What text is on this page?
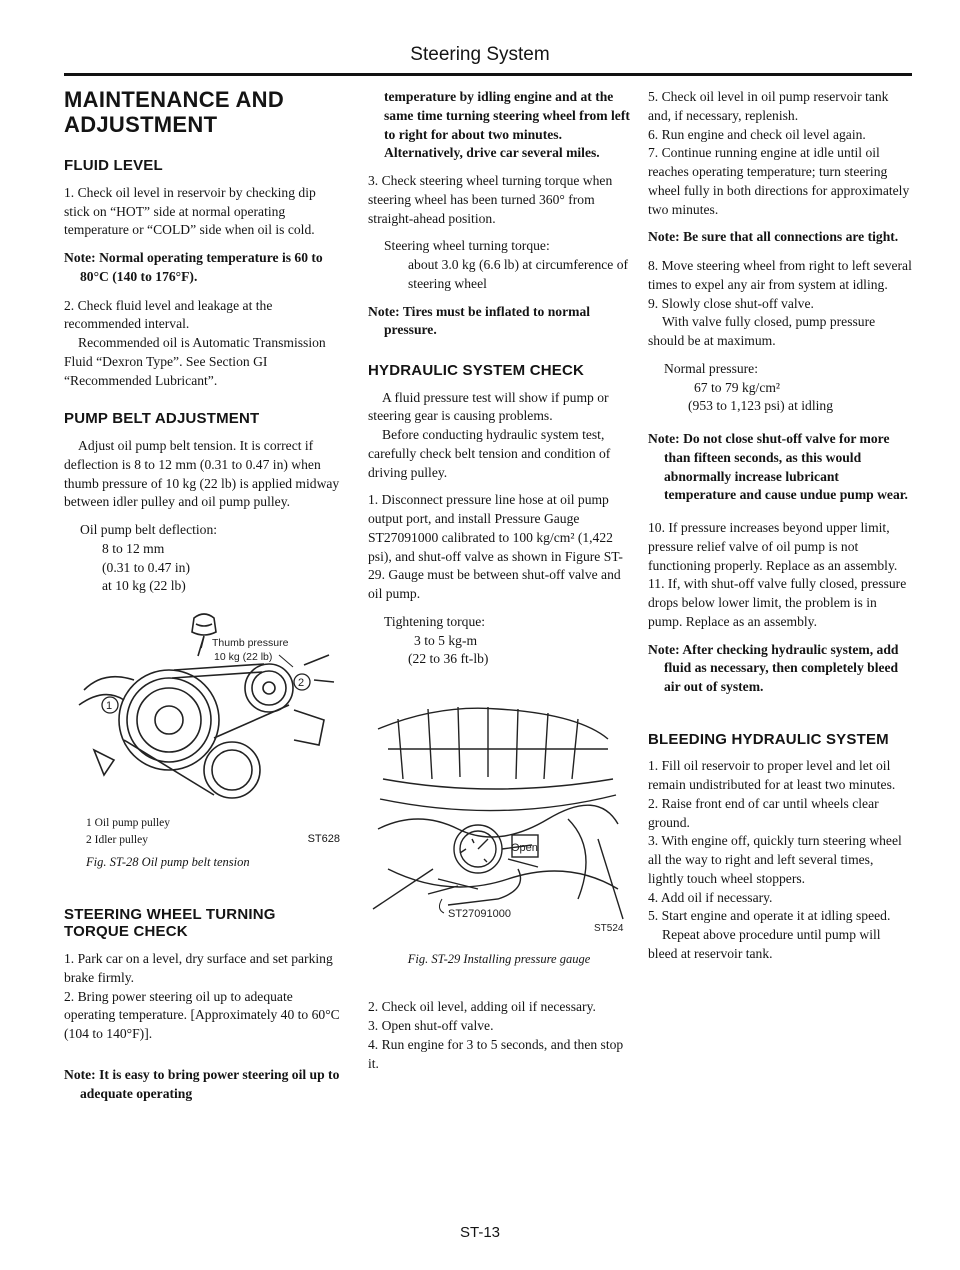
Steering System
MAINTENANCE AND ADJUSTMENT
FLUID LEVEL

1. Check oil level in reservoir by checking dip stick on “HOT” side at normal operating temperature or “COLD” side when oil is cold.

Note: Normal operating temperature is 60 to 80°C (140 to 176°F).

2. Check fluid level and leakage at the recommended interval.

Recommended oil is Automatic Transmission Fluid “Dexron Type”. See Section GI “Recommended Lubricant”.

PUMP BELT ADJUSTMENT

Adjust oil pump belt tension. It is correct if deflection is 8 to 12 mm (0.31 to 0.47 in) when thumb pressure of 10 kg (22 lb) is applied midway between idler pulley and oil pump pulley.

Oil pump belt deflection:
8 to 12 mm
(0.31 to 0.47 in)
at 10 kg (22 lb)
Thumb pressure
10 kg (22 lb)
1
2
1 Oil pump pulley
2 Idler pulley	ST628
Fig. ST-28 Oil pump belt tension
STEERING WHEEL TURNING TORQUE CHECK

1. Park car on a level, dry surface and set parking brake firmly.

2. Bring power steering oil up to adequate operating temperature. [Approximately 40 to 60°C (104 to 140°F)].

Note: It is easy to bring power steering oil up to adequate operating

temperature by idling engine and at the same time turning steering wheel from left to right for about two minutes. Alternatively, drive car several miles.

3. Check steering wheel turning torque when steering wheel has been turned 360° from straight-ahead position.

Steering wheel turning torque:
about 3.0 kg (6.6 lb) at circumference of steering wheel

Note: Tires must be inflated to normal pressure.

HYDRAULIC SYSTEM CHECK

A fluid pressure test will show if pump or steering gear is causing problems.

Before conducting hydraulic system test, carefully check belt tension and condition of driving pulley.

1. Disconnect pressure line hose at oil pump output port, and install Pressure Gauge ST27091000 calibrated to 100 kg/cm² (1,422 psi), and shut-off valve as shown in Figure ST-29. Gauge must be between shut-off valve and oil pump.

Tightening torque:
3 to 5 kg-m
(22 to 36 ft-lb)
Open
ST27091000
ST524
Fig. ST-29 Installing pressure gauge

2. Check oil level, adding oil if necessary.

3. Open shut-off valve.

4. Run engine for 3 to 5 seconds, and then stop it.

5. Check oil level in oil pump reservoir tank and, if necessary, replenish.

6. Run engine and check oil level again.

7. Continue running engine at idle until oil reaches operating temperature; turn steering wheel fully in both directions for approximately two minutes.

Note: Be sure that all connections are tight.

8. Move steering wheel from right to left several times to expel any air from system at idling.

9. Slowly close shut-off valve.

With valve fully closed, pump pressure should be at maximum.

Normal pressure:
67 to 79 kg/cm²
(953 to 1,123 psi) at idling

Note: Do not close shut-off valve for more than fifteen seconds, as this would abnormally increase lubricant temperature and cause undue pump wear.

10. If pressure increases beyond upper limit, pressure relief valve of oil pump is not functioning properly. Replace as an assembly.

11. If, with shut-off valve fully closed, pressure drops below lower limit, the problem is in pump. Replace as an assembly.

Note: After checking hydraulic system, add fluid as necessary, then completely bleed air out of system.

BLEEDING HYDRAULIC SYSTEM

1. Fill oil reservoir to proper level and let oil remain undistributed for at least two minutes.

2. Raise front end of car until wheels clear ground.

3. With engine off, quickly turn steering wheel all the way to right and left several times, lightly touch wheel stoppers.

4. Add oil if necessary.

5. Start engine and operate it at idling speed.

Repeat above procedure until pump will bleed at reservoir tank.

ST-13
